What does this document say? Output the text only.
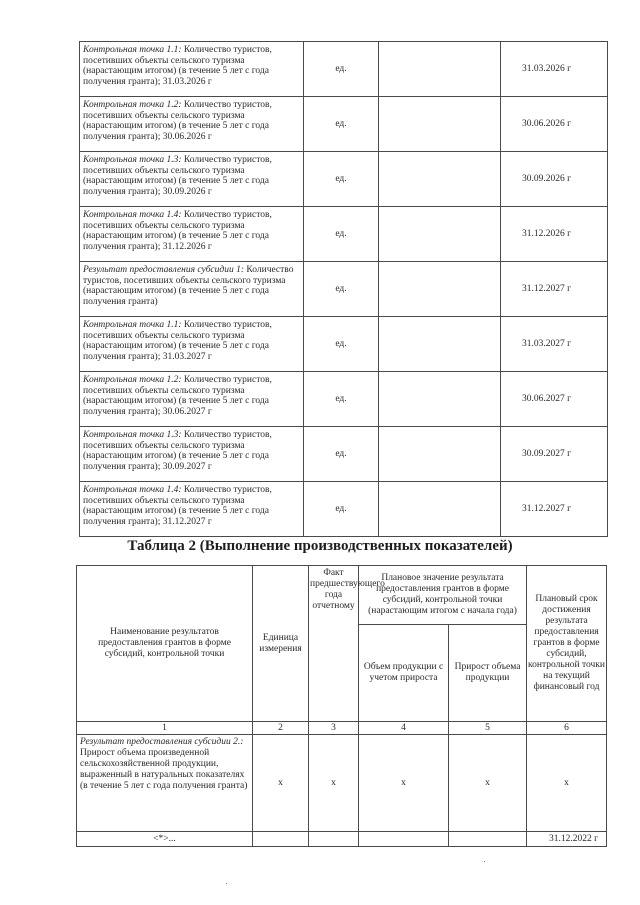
Контрольная точка 1.1: Количество туристов, посетивших объекты сельского туризма (нарастающим итогом) (в течение 5 лет с года получения гранта); 31.03.2026 г	ед.		31.03.2026 г
Контрольная точка 1.2: Количество туристов, посетивших объекты сельского туризма (нарастающим итогом) (в течение 5 лет с года получения гранта); 30.06.2026 г	ед.		30.06.2026 г
Контрольная точка 1.3: Количество туристов, посетивших объекты сельского туризма (нарастающим итогом) (в течение 5 лет с года получения гранта); 30.09.2026 г	ед.		30.09.2026 г
Контрольная точка 1.4: Количество туристов, посетивших объекты сельского туризма (нарастающим итогом) (в течение 5 лет с года получения гранта); 31.12.2026 г	ед.		31.12.2026 г
Результат предоставления субсидии 1: Количество туристов, посетивших объекты сельского туризма (нарастающим итогом) (в течение 5 лет с года получения гранта)	ед.		31.12.2027 г
Контрольная точка 1.1: Количество туристов, посетивших объекты сельского туризма (нарастающим итогом) (в течение 5 лет с года получения гранта); 31.03.2027 г	ед.		31.03.2027 г
Контрольная точка 1.2: Количество туристов, посетивших объекты сельского туризма (нарастающим итогом) (в течение 5 лет с года получения гранта); 30.06.2027 г	ед.		30.06.2027 г
Контрольная точка 1.3: Количество туристов, посетивших объекты сельского туризма (нарастающим итогом) (в течение 5 лет с года получения гранта); 30.09.2027 г	ед.		30.09.2027 г
Контрольная точка 1.4: Количество туристов, посетивших объекты сельского туризма (нарастающим итогом) (в течение 5 лет с года получения гранта); 31.12.2027 г	ед.		31.12.2027 г
Таблица 2 (Выполнение производственных показателей)
Наименование результатов предоставления грантов в форме субсидий, контрольной точки	Единица измерения	Факт предшествующего года отчетному	Плановое значение результата предоставления грантов в форме субсидий, контрольной точки (нарастающим итогом с начала года)		Плановый срок достижения результата предоставления грантов в форме субсидий, контрольной точки на текущий финансовый год
			Объем продукции с учетом прироста	Прирост объема продукции	
1	2	3	4	5	6
Результат предоставления субсидии 2.: Прирост объема произведенной сельскохозяйственной продукции, выраженный в натуральных показателях (в течение 5 лет с года получения гранта)	x	x	x	x	x
<*>...					31.12.2022 г
